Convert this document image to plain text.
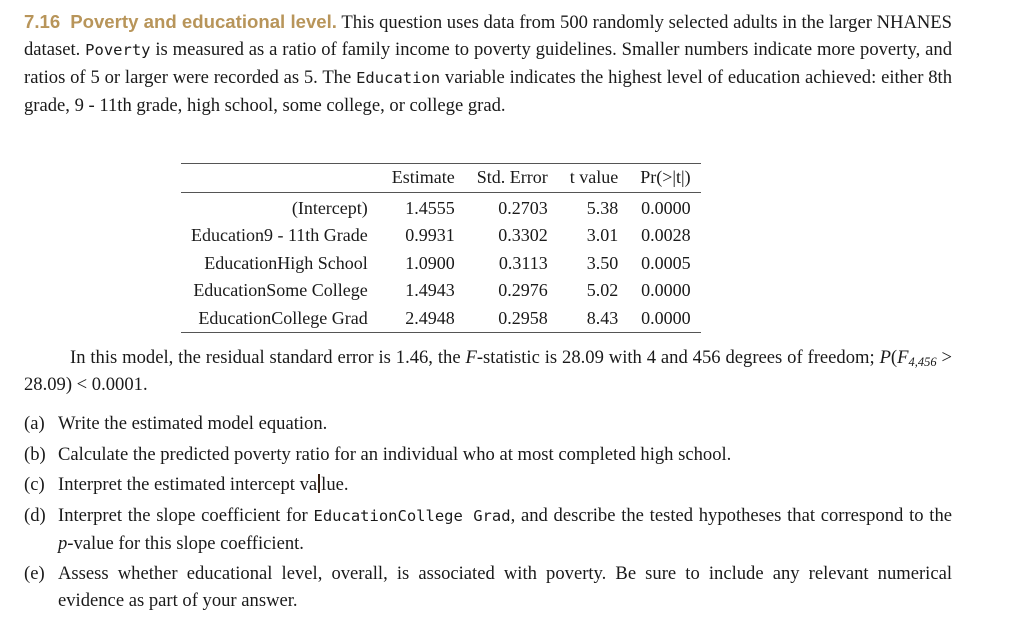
7.16 Poverty and educational level. This question uses data from 500 randomly selected adults in the larger NHANES dataset. Poverty is measured as a ratio of family income to poverty guidelines. Smaller numbers indicate more poverty, and ratios of 5 or larger were recorded as 5. The Education variable indicates the highest level of education achieved: either 8th grade, 9 - 11th grade, high school, some college, or college grad.
	Estimate	Std. Error	t value	Pr(>|t|)
(Intercept)	1.4555	0.2703	5.38	0.0000
Education9 - 11th Grade	0.9931	0.3302	3.01	0.0028
EducationHigh School	1.0900	0.3113	3.50	0.0005
EducationSome College	1.4943	0.2976	5.02	0.0000
EducationCollege Grad	2.4948	0.2958	8.43	0.0000
In this model, the residual standard error is 1.46, the F-statistic is 28.09 with 4 and 456 degrees of freedom; $P(F_{4,456} > 28.09) < 0.0001$.
(a) Write the estimated model equation.
(b) Calculate the predicted poverty ratio for an individual who at most completed high school.
(c) Interpret the estimated intercept va lue.
(d) Interpret the slope coefficient for EducationCollege Grad, and describe the tested hypotheses that correspond to the p-value for this slope coefficient.
(e) Assess whether educational level, overall, is associated with poverty. Be sure to include any relevant numerical evidence as part of your answer.
